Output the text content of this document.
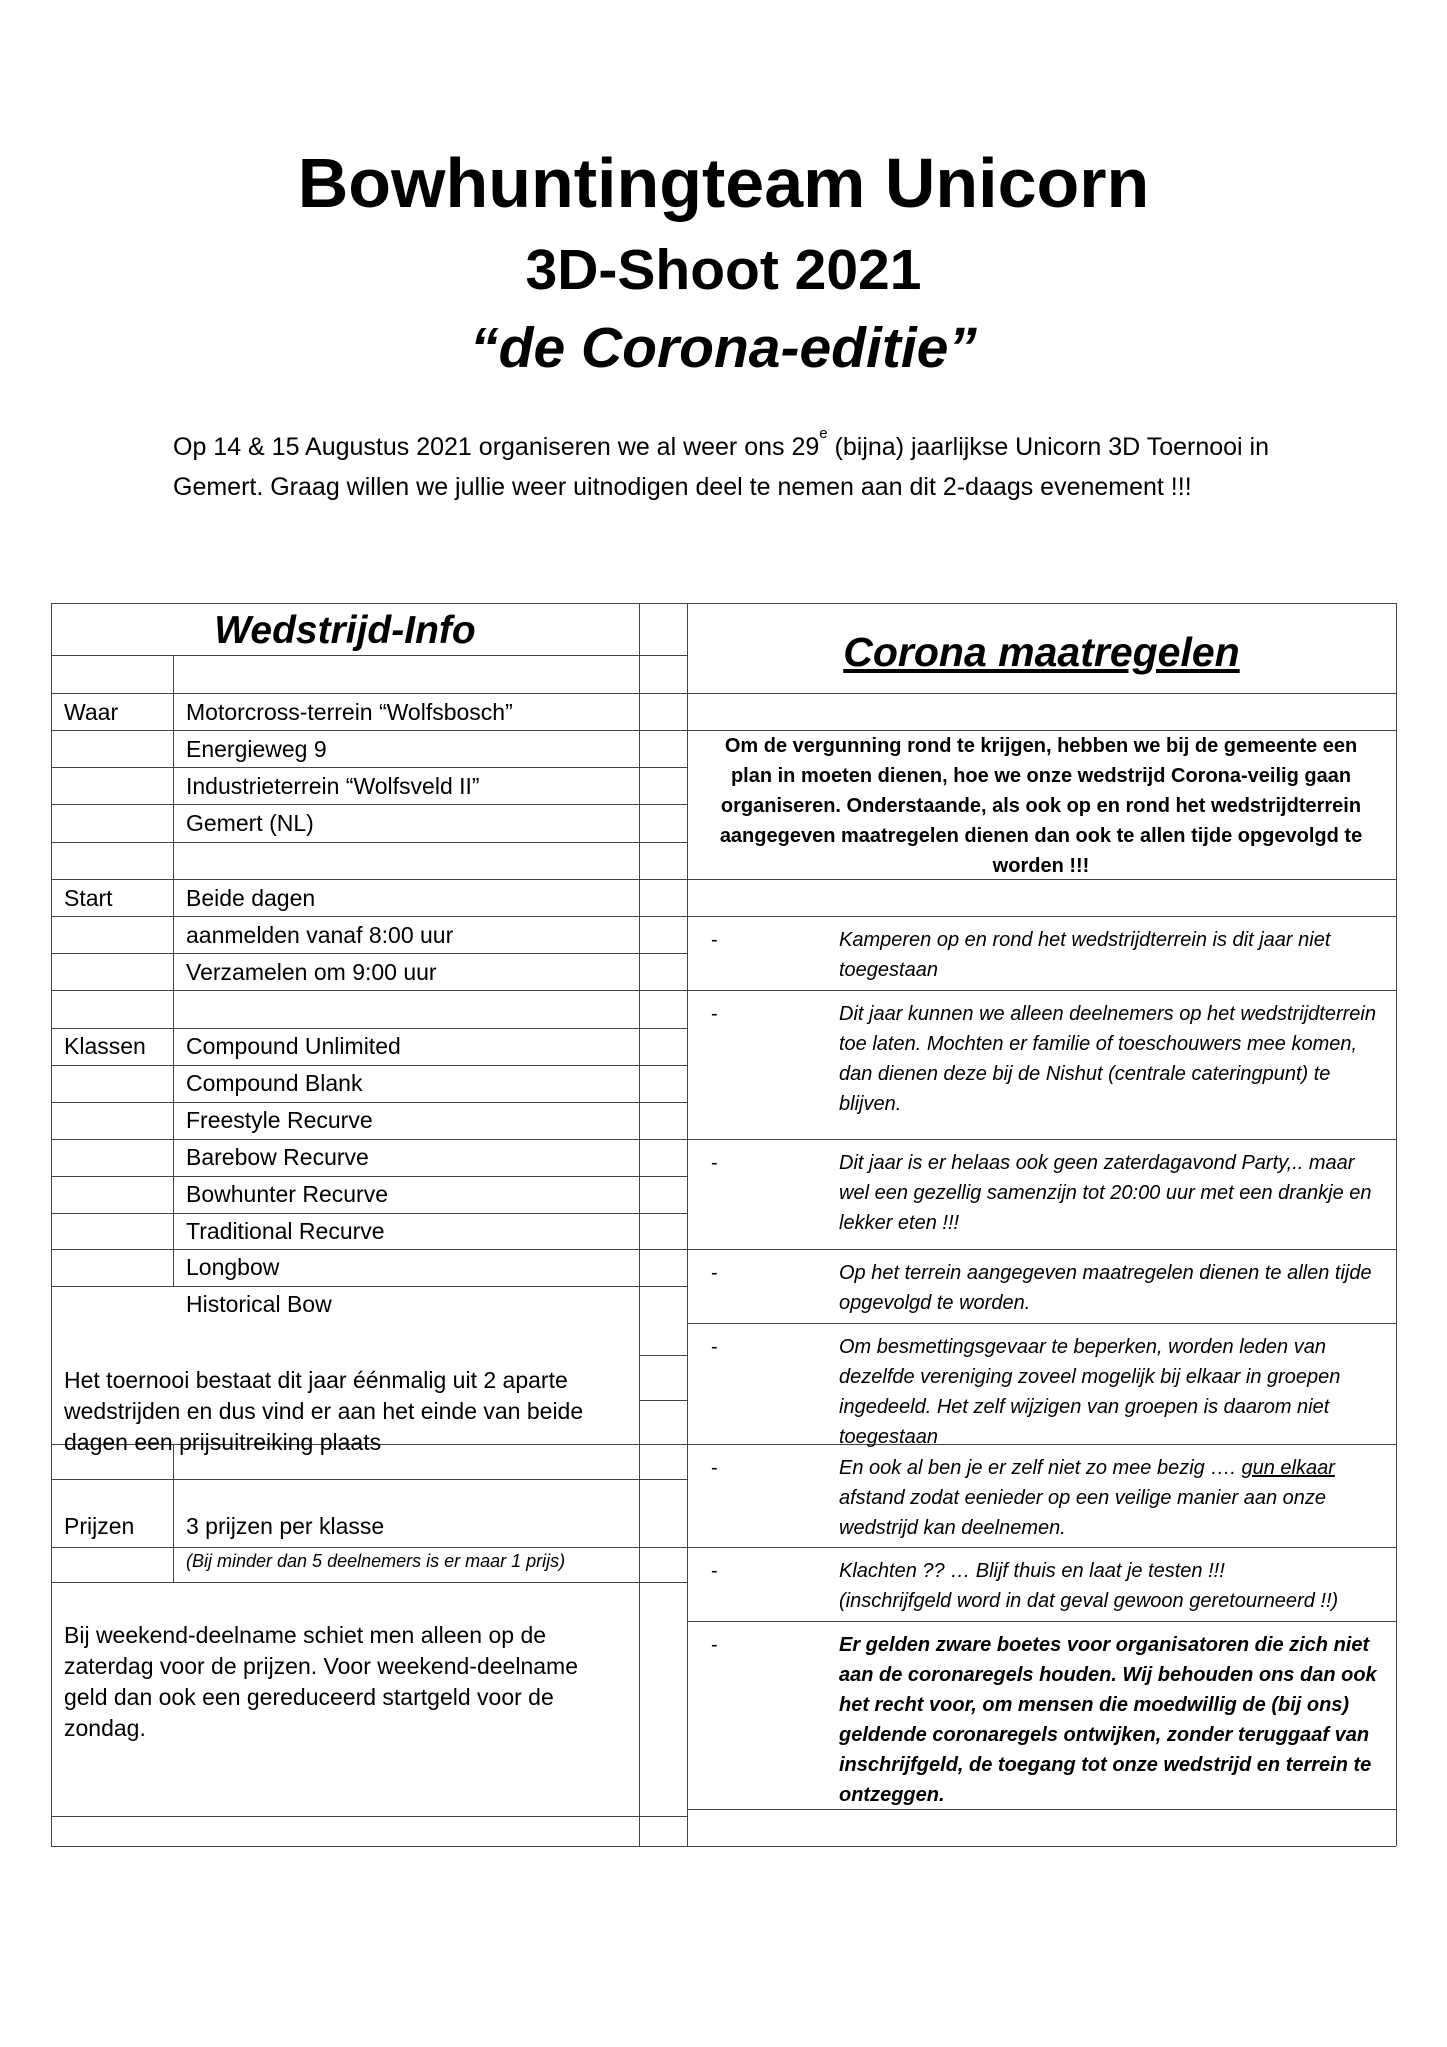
Bowhuntingteam Unicorn
3D-Shoot 2021
“de Corona-editie”

Op 14 & 15 Augustus 2021 organiseren we al weer ons 29e (bijna) jaarlijkse Unicorn 3D Toernooi in Gemert. Graag willen we jullie weer uitnodigen deel te nemen aan dit 2-daags evenement !!!

Wedstrijd-Info	Corona maatregelen
Waar	Motorcross-terrein “Wolfsbosch”
Energieweg 9
Industrieterrein “Wolfsveld II”
Gemert (NL)
Start	Beide dagen
aanmelden vanaf 8:00 uur
Verzamelen om 9:00 uur
Klassen Compound Unlimited
Compound Blank
Freestyle Recurve
Barebow Recurve
Bowhunter Recurve
Traditional Recurve
Longbow
Historical Bow
Het toernooi bestaat dit jaar éénmalig uit 2 aparte wedstrijden en dus vind er aan het einde van beide dagen een prijsuitreiking plaats
Prijzen 3 prijzen per klasse
(Bij minder dan 5 deelnemers is er maar 1 prijs)
Bij weekend-deelname schiet men alleen op de zaterdag voor de prijzen. Voor weekend-deelname geld dan ook een gereduceerd startgeld voor de zondag.
Om de vergunning rond te krijgen, hebben we bij de gemeente een plan in moeten dienen, hoe we onze wedstrijd Corona-veilig gaan organiseren. Onderstaande, als ook op en rond het wedstrijdterrein aangegeven maatregelen dienen dan ook te allen tijde opgevolgd te worden !!!
-	Kamperen op en rond het wedstrijdterrein is dit jaar niet toegestaan
-	Dit jaar kunnen we alleen deelnemers op het wedstrijdterrein toe laten. Mochten er familie of toeschouwers mee komen, dan dienen deze bij de Nishut (centrale cateringpunt) te blijven.
-	Dit jaar is er helaas ook geen zaterdagavond Party,.. maar wel een gezellig samenzijn tot 20:00 uur met een drankje en lekker eten !!!
-	Op het terrein aangegeven maatregelen dienen te allen tijde opgevolgd te worden.
-	Om besmettingsgevaar te beperken, worden leden van dezelfde vereniging zoveel mogelijk bij elkaar in groepen ingedeeld. Het zelf wijzigen van groepen is daarom niet toegestaan
-	En ook al ben je er zelf niet zo mee bezig …. gun elkaar afstand zodat eenieder op een veilige manier aan onze wedstrijd kan deelnemen.
-	Klachten ?? … Blijf thuis en laat je testen !!!
(inschrijfgeld word in dat geval gewoon geretourneerd !!)
-	Er gelden zware boetes voor organisatoren die zich niet aan de coronaregels houden. Wij behouden ons dan ook het recht voor, om mensen die moedwillig de (bij ons) geldende coronaregels ontwijken, zonder teruggaaf van inschrijfgeld, de toegang tot onze wedstrijd en terrein te ontzeggen.
